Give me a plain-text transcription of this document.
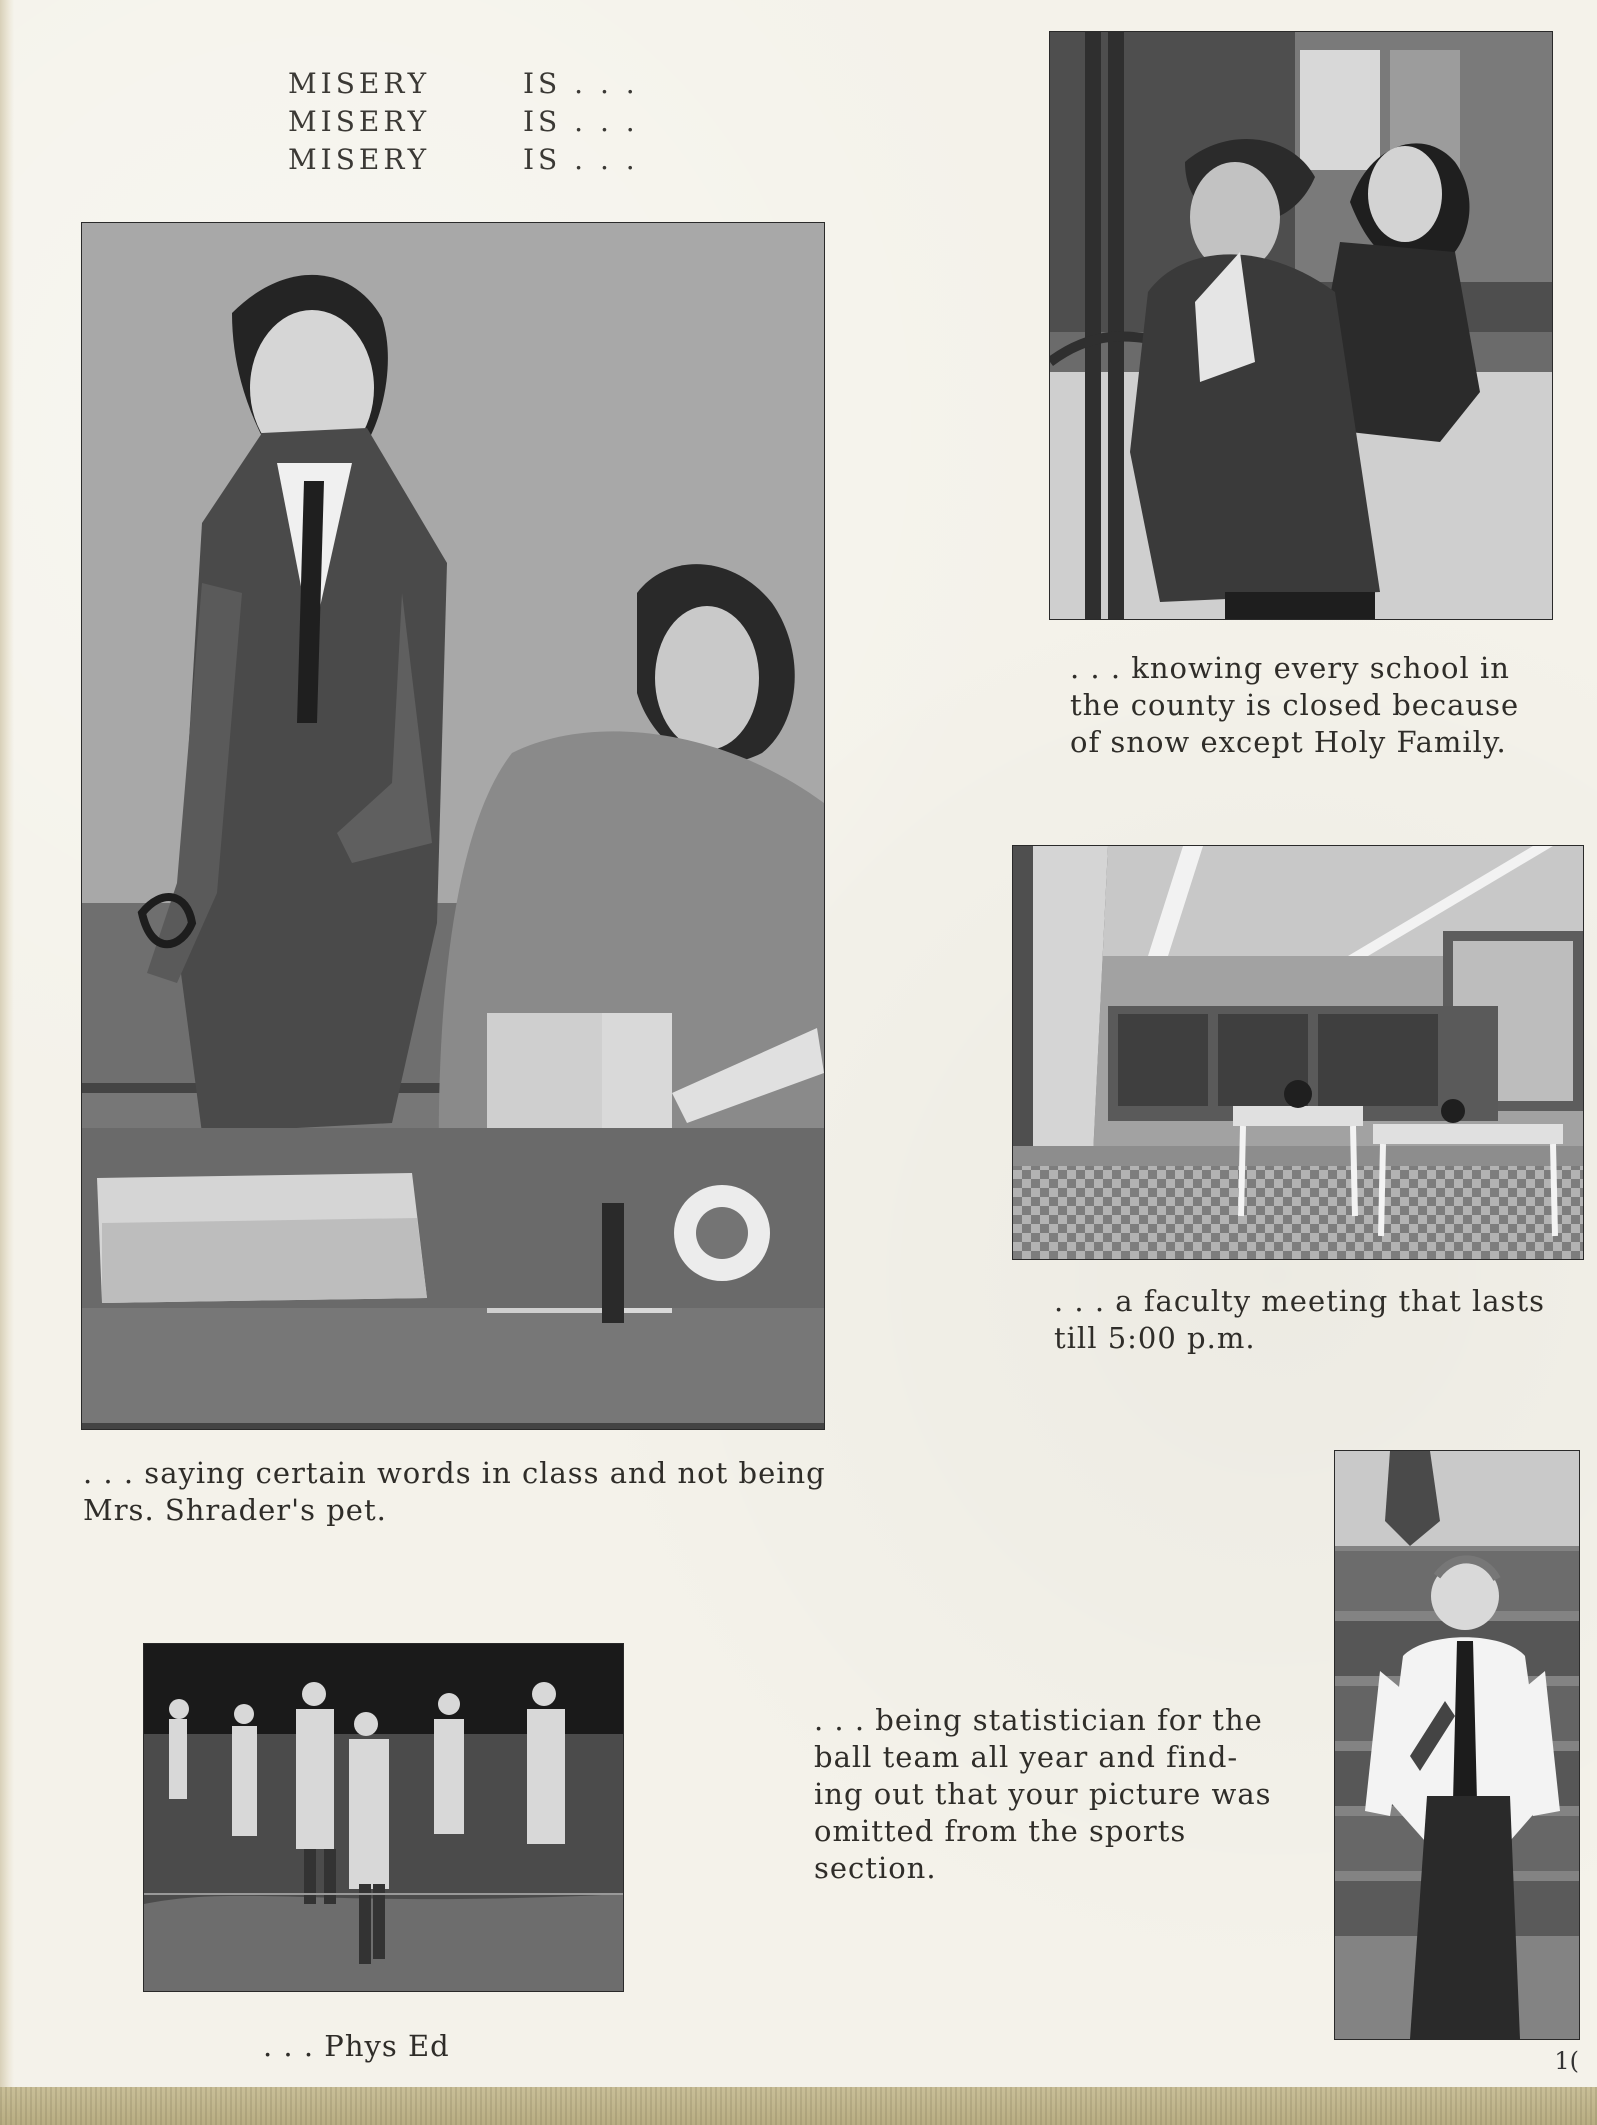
MISERY	IS . . .
MISERY	IS . . .
MISERY	IS . . .
. . . knowing every school in
the county is closed because
of snow except Holy Family.
. . . a faculty meeting that lasts
till 5:00 p.m.
. . . saying certain words in class and not being
Mrs. Shrader's pet.
. . . being statistician for the
ball team all year and find-
ing out that your picture was
omitted from the sports
section.
. . . Phys Ed	1(
